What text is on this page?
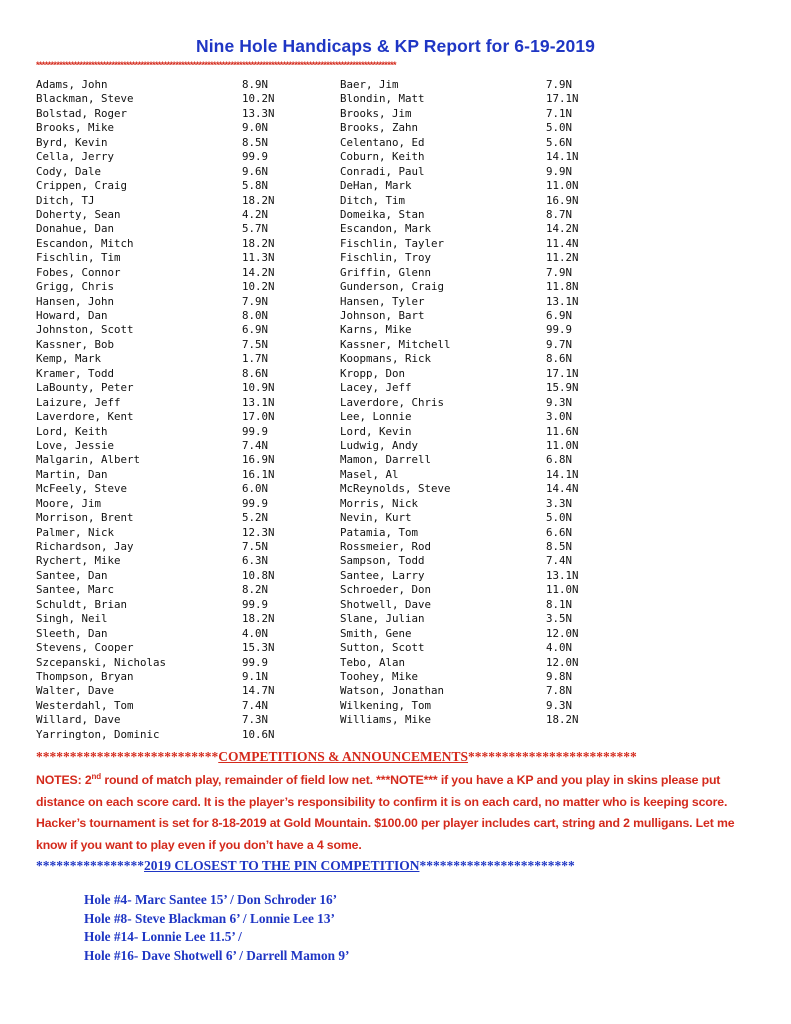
Nine Hole Handicaps & KP Report for 6-19-2019
****************************************************************************************************************************
Adams, John	8.9N	Baer, Jim	7.9N
Blackman, Steve	10.2N	Blondin, Matt	17.1N
Bolstad, Roger	13.3N	Brooks, Jim	7.1N
Brooks, Mike	9.0N	Brooks, Zahn	5.0N
Byrd, Kevin	8.5N	Celentano, Ed	5.6N
Cella, Jerry	99.9	Coburn, Keith	14.1N
Cody, Dale	9.6N	Conradi, Paul	9.9N
Crippen, Craig	5.8N	DeHan, Mark	11.0N
Ditch, TJ	18.2N	Ditch, Tim	16.9N
Doherty, Sean	4.2N	Domeika, Stan	8.7N
Donahue, Dan	5.7N	Escandon, Mark	14.2N
Escandon, Mitch	18.2N	Fischlin, Tayler	11.4N
Fischlin, Tim	11.3N	Fischlin, Troy	11.2N
Fobes, Connor	14.2N	Griffin, Glenn	7.9N
Grigg, Chris	10.2N	Gunderson, Craig	11.8N
Hansen, John	7.9N	Hansen, Tyler	13.1N
Howard, Dan	8.0N	Johnson, Bart	6.9N
Johnston, Scott	6.9N	Karns, Mike	99.9
Kassner, Bob	7.5N	Kassner, Mitchell	9.7N
Kemp, Mark	1.7N	Koopmans, Rick	8.6N
Kramer, Todd	8.6N	Kropp, Don	17.1N
LaBounty, Peter	10.9N	Lacey, Jeff	15.9N
Laizure, Jeff	13.1N	Laverdore, Chris	9.3N
Laverdore, Kent	17.0N	Lee, Lonnie	3.0N
Lord, Keith	99.9	Lord, Kevin	11.6N
Love, Jessie	7.4N	Ludwig, Andy	11.0N
Malgarin, Albert	16.9N	Mamon, Darrell	6.8N
Martin, Dan	16.1N	Masel, Al	14.1N
McFeely, Steve	6.0N	McReynolds, Steve	14.4N
Moore, Jim	99.9	Morris, Nick	3.3N
Morrison, Brent	5.2N	Nevin, Kurt	5.0N
Palmer, Nick	12.3N	Patamia, Tom	6.6N
Richardson, Jay	7.5N	Rossmeier, Rod	8.5N
Rychert, Mike	6.3N	Sampson, Todd	7.4N
Santee, Dan	10.8N	Santee, Larry	13.1N
Santee, Marc	8.2N	Schroeder, Don	11.0N
Schuldt, Brian	99.9	Shotwell, Dave	8.1N
Singh, Neil	18.2N	Slane, Julian	3.5N
Sleeth, Dan	4.0N	Smith, Gene	12.0N
Stevens, Cooper	15.3N	Sutton, Scott	4.0N
Szcepanski, Nicholas	99.9	Tebo, Alan	12.0N
Thompson, Bryan	9.1N	Toohey, Mike	9.8N
Walter, Dave	14.7N	Watson, Jonathan	7.8N
Westerdahl, Tom	7.4N	Wilkening, Tom	9.3N
Willard, Dave	7.3N	Williams, Mike	18.2N
Yarrington, Dominic	10.6N
***************************COMPETITIONS & ANNOUNCEMENTS*************************
NOTES: 2nd round of match play, remainder of field low net. ***NOTE*** if you have a KP and you play in skins please put distance on each score card. It is the player’s responsibility to confirm it is on each card, no matter who is keeping score. Hacker’s tournament is set for 8-18-2019 at Gold Mountain. $100.00 per player includes cart, string and 2 mulligans. Let me know if you want to play even if you don’t have a 4 some.
****************2019 CLOSEST TO THE PIN COMPETITION***********************
Hole #4- Marc Santee 15’ / Don Schroder 16’
Hole #8- Steve Blackman 6’ / Lonnie Lee 13’
Hole #14- Lonnie Lee 11.5’ /
Hole #16- Dave Shotwell 6’ / Darrell Mamon 9’
